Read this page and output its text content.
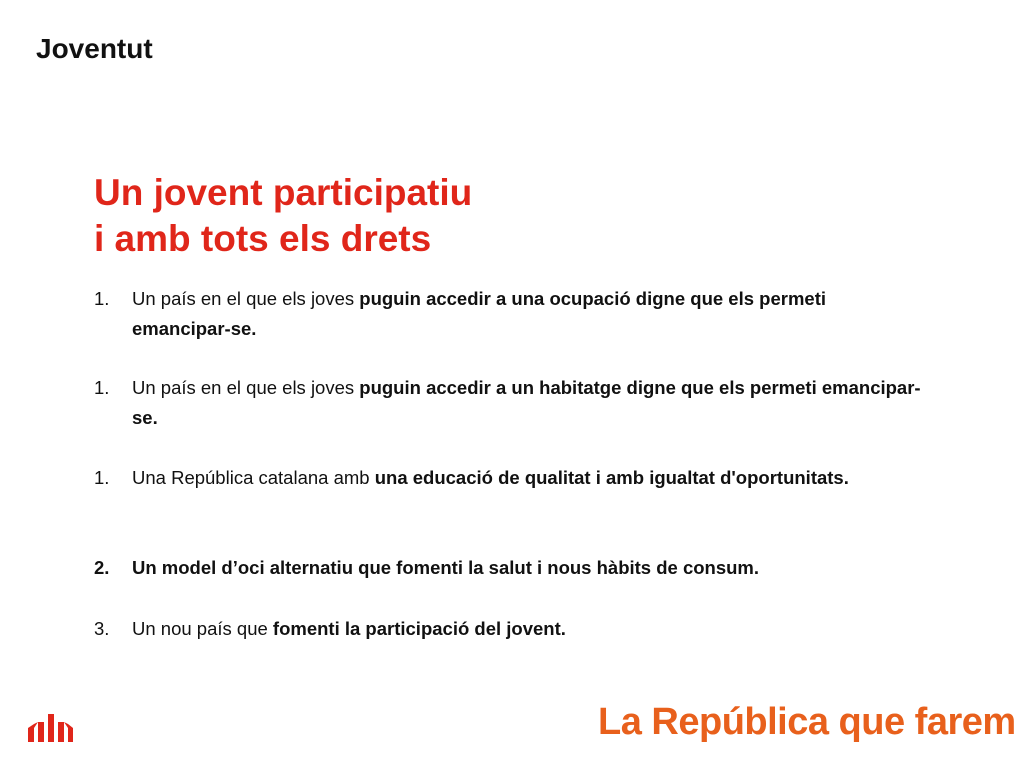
Joventut
Un jovent participatiu
i amb tots els drets
1.	Un país en el que els joves puguin accedir a una ocupació digne que els permeti emancipar-se.
1.	Un país en el que els joves puguin accedir a un habitatge digne que els permeti emancipar-se.
1.	Una República catalana amb una educació de qualitat i amb igualtat d'oportunitats.
2.	Un model d’oci alternatiu que fomenti la salut i nous hàbits de consum.
3.	Un nou país que fomenti la participació del jovent.
La República que farem
